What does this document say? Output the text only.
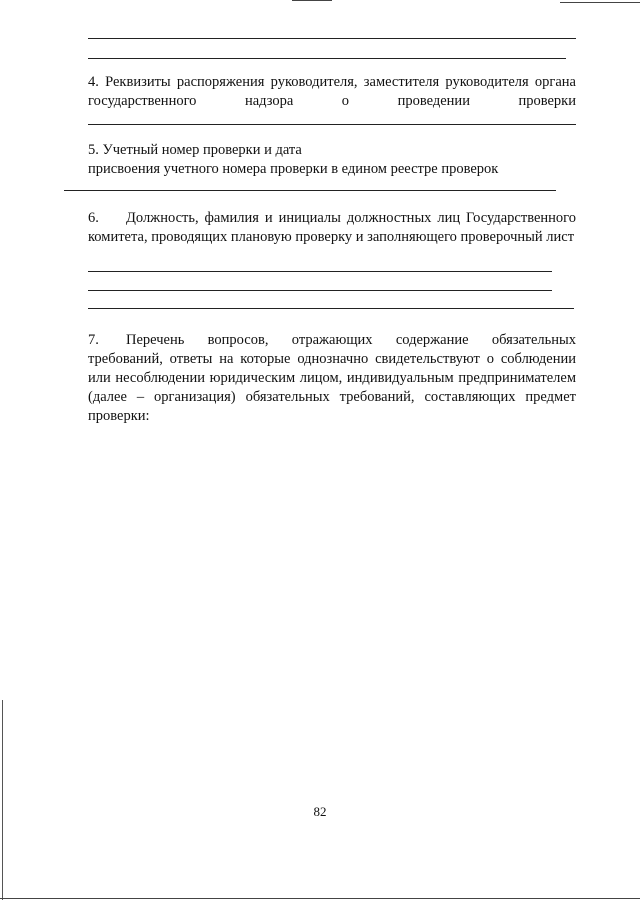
4. Реквизиты распоряжения руководителя, заместителя руководителя органа государственного надзора о проведении проверки
5. Учетный номер проверки и дата
присвоения учетного номера проверки в едином реестре проверок
6. Должность, фамилия и инициалы должностных лиц Государственного комитета, проводящих плановую проверку и заполняющего проверочный лист
7. Перечень вопросов, отражающих содержание обязательных
требований, ответы на которые однозначно свидетельствуют о соблюдении или несоблюдении юридическим лицом, индивидуальным предпринимателем (далее – организация) обязательных требований, составляющих предмет проверки:
82
